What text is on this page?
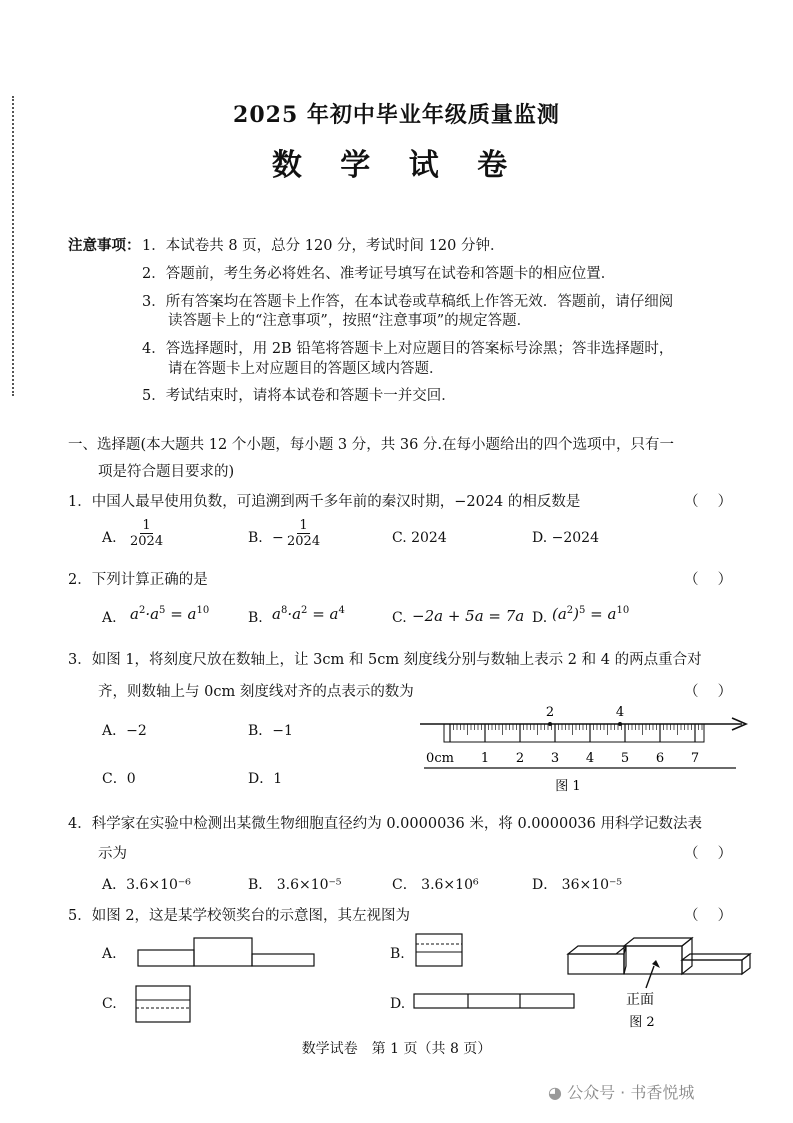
2025 年初中毕业年级质量监测
数 学 试 卷
注意事项： 1．本试卷共 8 页，总分 120 分，考试时间 120 分钟．
2．答题前，考生务必将姓名、准考证号填写在试卷和答题卡的相应位置．
3．所有答案均在答题卡上作答，在本试卷或草稿纸上作答无效．答题前，请仔细阅
读答题卡上的“注意事项”，按照“注意事项”的规定答题．
4．答选择题时，用 2B 铅笔将答题卡上对应题目的答案标号涂黑；答非选择题时，
请在答题卡上对应题目的答题区域内答题．
5．考试结束时，请将本试卷和答题卡一并交回．
一、选择题(本大题共 12 个小题，每小题 3 分，共 36 分.在每小题给出的四个选项中，只有一
项是符合题目要求的)
1．中国人最早使用负数，可追溯到两千多年前的秦汉时期，−2024 的相反数是	（　 ）
A. $\frac{1}{2024}$	B. − $\frac{1}{2024}$	C. 2024	D. −2024
2．下列计算正确的是	（　 ）
A. $a^2\cdot a^5 = a^{10}$	B. $a^8\cdot a^2 = a^4$	C. −2a + 5a = 7a D. $(a^2)^5 = a^{10}$
3．如图 1，将刻度尺放在数轴上，让 3cm 和 5cm 刻度线分别与数轴上表示 2 和 4 的两点重合对
齐，则数轴上与 0cm 刻度线对齐的点表示的数为	（　 ）
A．−2	B．−1
C．0	D．1
0cm 1 2 3 4 5 6 7
2	4
图 1
4．科学家在实验中检测出某微生物细胞直径约为 0.0000036 米，将 0.0000036 用科学记数法表
示为	（　 ）
A．3.6×10⁻⁶	B． 3.6×10⁻⁵	C． 3.6×10⁶	D． 36×10⁻⁵
5．如图 2，这是某学校领奖台的示意图，其左视图为	（　 ）
A.	B.
C.	D.	正面
图 2
数学试卷　第 1 页（共 8 页）
◕ 公众号 · 书香悦城
